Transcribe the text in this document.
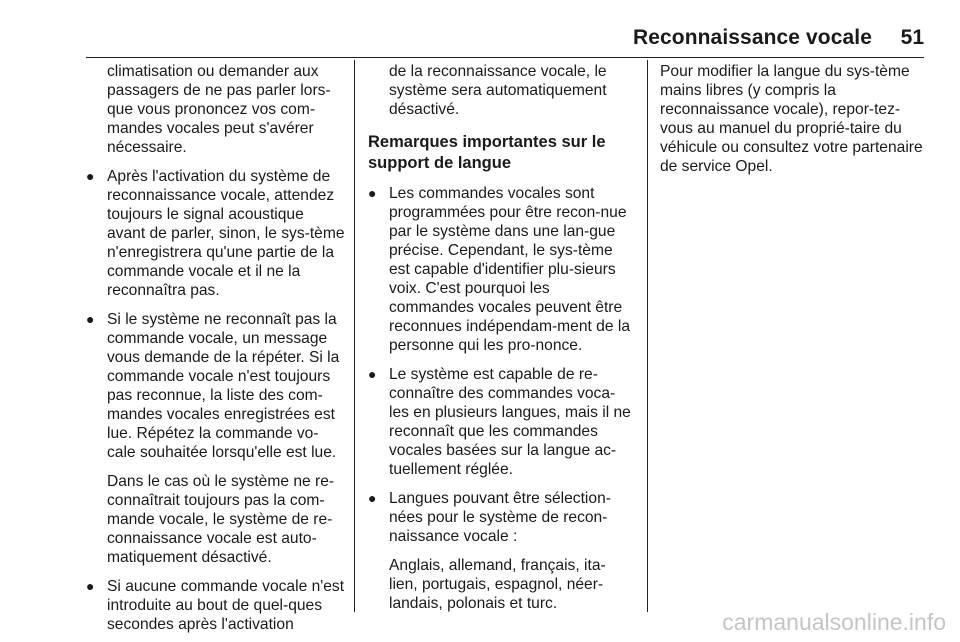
Reconnaissance vocale 51

climatisation ou demander aux passagers de ne pas parler lors-que vous prononcez vos com-mandes vocales peut s'avérer nécessaire.

● Après l'activation du système de reconnaissance vocale, attendez toujours le signal acoustique avant de parler, sinon, le sys-tème n'enregistrera qu'une partie de la commande vocale et il ne la reconnaîtra pas.

● Si le système ne reconnaît pas la commande vocale, un message vous demande de la répéter. Si la commande vocale n'est toujours pas reconnue, la liste des com-mandes vocales enregistrées est lue. Répétez la commande vo-cale souhaitée lorsqu'elle est lue.

Dans le cas où le système ne re-connaîtrait toujours pas la com-mande vocale, le système de re-connaissance vocale est auto-matiquement désactivé.

● Si aucune commande vocale n'est introduite au bout de quel-ques secondes après l'activation

de la reconnaissance vocale, le système sera automatiquement désactivé.

Remarques importantes sur le support de langue

● Les commandes vocales sont programmées pour être recon-nue par le système dans une lan-gue précise. Cependant, le sys-tème est capable d'identifier plu-sieurs voix. C'est pourquoi les commandes vocales peuvent être reconnues indépendam-ment de la personne qui les pro-nonce.

● Le système est capable de re-connaître des commandes voca-les en plusieurs langues, mais il ne reconnaît que les commandes vocales basées sur la langue ac-tuellement réglée.

● Langues pouvant être sélection-nées pour le système de recon-naissance vocale :

Anglais, allemand, français, ita-lien, portugais, espagnol, néer-landais, polonais et turc.

Pour modifier la langue du sys-tème mains libres (y compris la reconnaissance vocale), repor-tez-vous au manuel du proprié-taire du véhicule ou consultez votre partenaire de service Opel.

carmanualsonline.info
